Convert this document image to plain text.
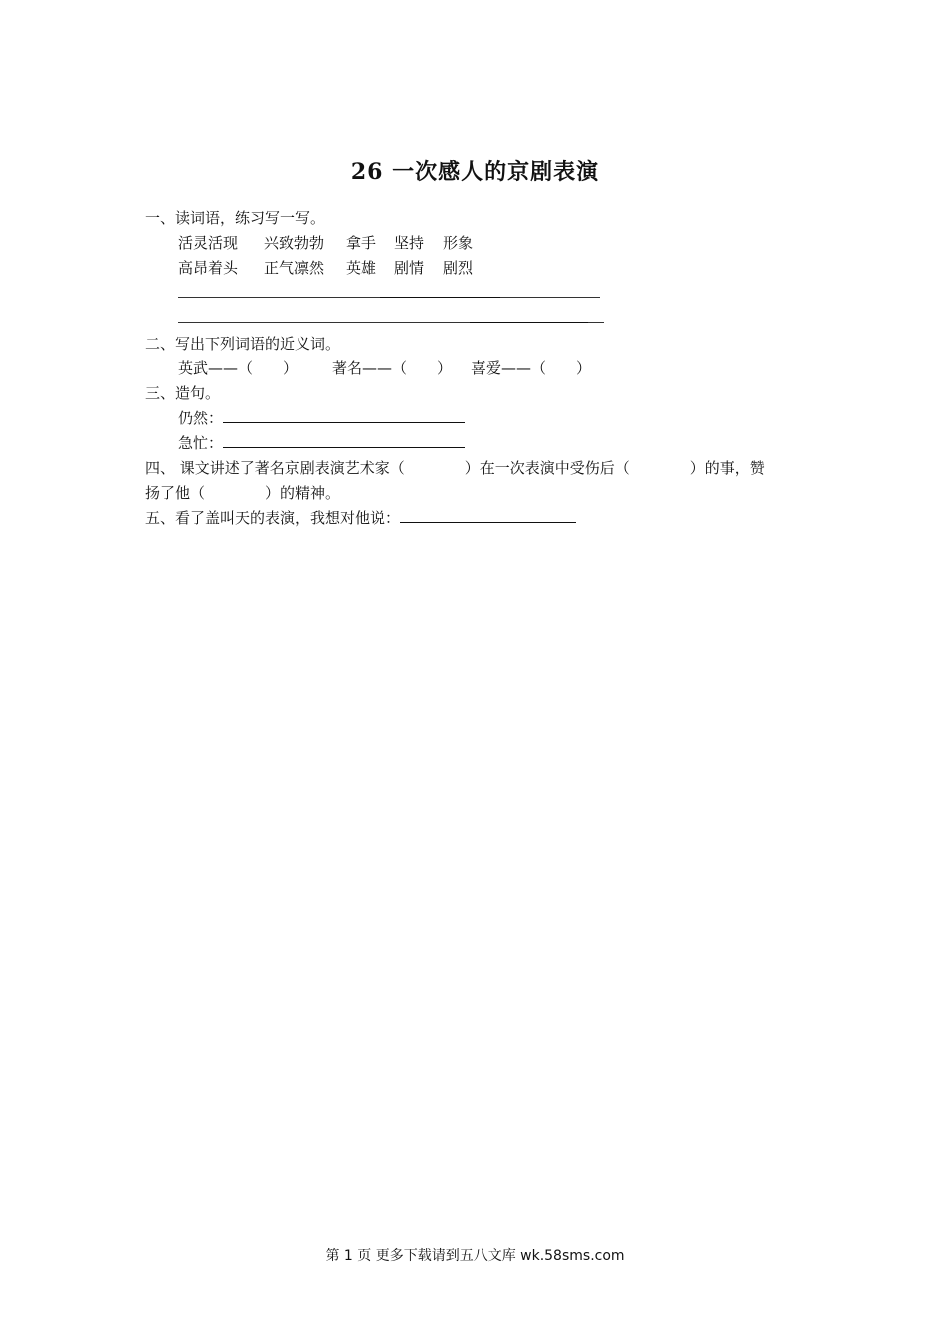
26 一次感人的京剧表演
一、读词语，练习写一写。
活灵活现 兴致勃勃 拿手 坚持 形象
高昂着头 正气凛然 英雄 剧情 剧烈
二、写出下列词语的近义词。
英武——（　　） 著名——（　　） 喜爱——（　　）
三、造句。
仍然：
急忙：
四、 课文讲述了著名京剧表演艺术家（　　　　）在一次表演中受伤后（　　　　）的事，赞
扬了他（　　　　）的精神。
五、看了盖叫天的表演，我想对他说：
第 1 页 更多下载请到五八文库 wk.58sms.com
